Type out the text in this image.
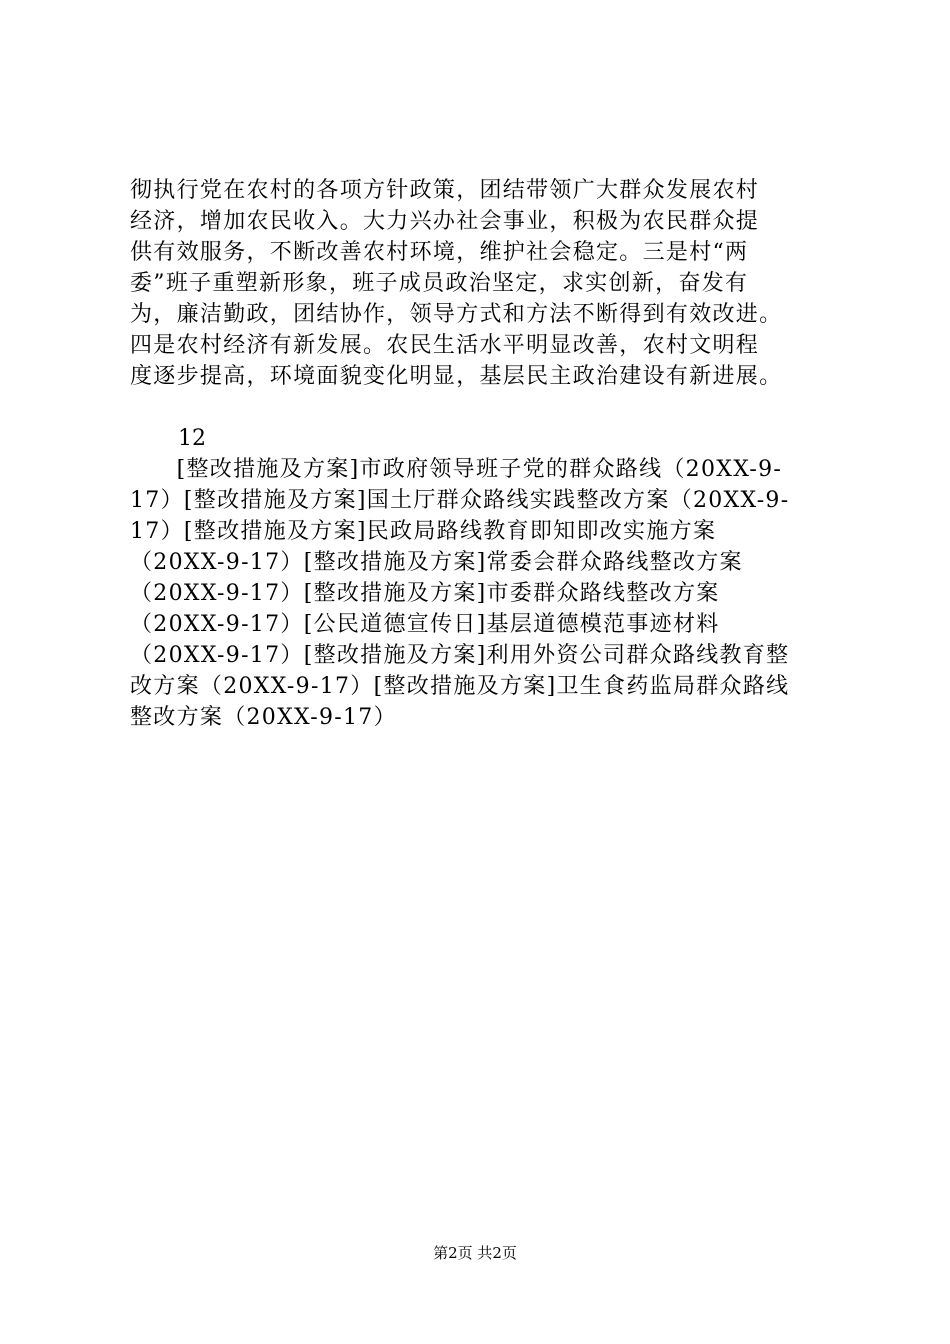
彻执行党在农村的各项方针政策，团结带领广大群众发展农村
经济，增加农民收入。大力兴办社会事业，积极为农民群众提
供有效服务，不断改善农村环境，维护社会稳定。三是村“两
委”班子重塑新形象，班子成员政治坚定，求实创新，奋发有
为，廉洁勤政，团结协作，领导方式和方法不断得到有效改进。
四是农村经济有新发展。农民生活水平明显改善，农村文明程
度逐步提高，环境面貌变化明显，基层民主政治建设有新进展。
12
　　[整改措施及方案]市政府领导班子党的群众路线（20XX-9-
17）[整改措施及方案]国土厅群众路线实践整改方案（20XX-9-
17）[整改措施及方案]民政局路线教育即知即改实施方案
（20XX-9-17）[整改措施及方案]常委会群众路线整改方案
（20XX-9-17）[整改措施及方案]市委群众路线整改方案
（20XX-9-17）[公民道德宣传日]基层道德模范事迹材料
（20XX-9-17）[整改措施及方案]利用外资公司群众路线教育整
改方案（20XX-9-17）[整改措施及方案]卫生食药监局群众路线
整改方案（20XX-9-17）
第2页 共2页
